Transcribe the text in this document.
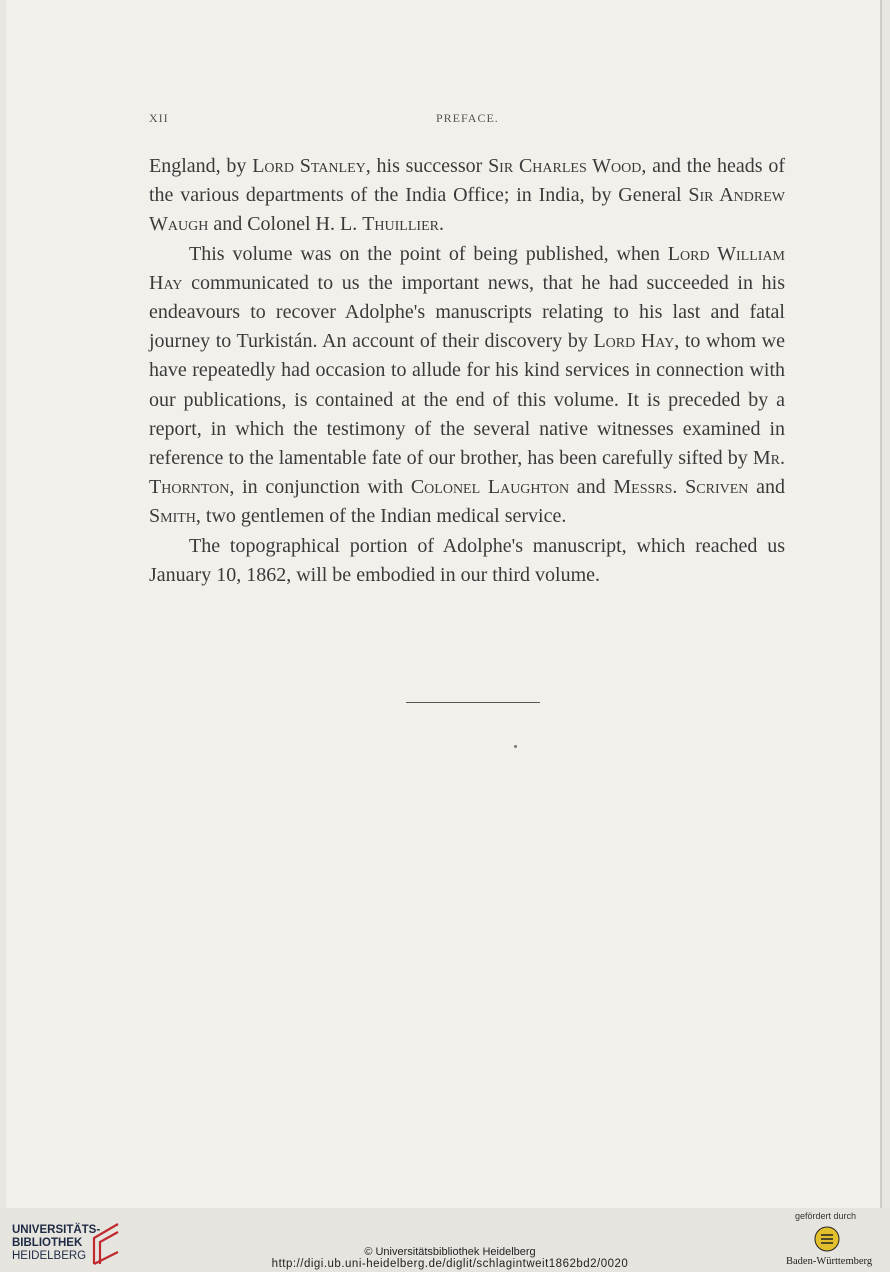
XII	PREFACE.

England, by Lord Stanley, his successor Sir Charles Wood, and the heads of the various departments of the India Office; in India, by General Sir Andrew Waugh and Colonel H. L. Thuillier.

This volume was on the point of being published, when Lord William Hay communicated to us the important news, that he had succeeded in his endeavours to recover Adolphe's manuscripts relating to his last and fatal journey to Turkistán. An account of their discovery by Lord Hay, to whom we have repeatedly had occasion to allude for his kind services in connection with our publications, is contained at the end of this volume. It is preceded by a report, in which the testimony of the several native witnesses examined in reference to the lamentable fate of our brother, has been carefully sifted by Mr. Thornton, in conjunction with Colonel Laughton and Messrs. Scriven and Smith, two gentlemen of the Indian medical service.

The topographical portion of Adolphe's manuscript, which reached us January 10, 1862, will be embodied in our third volume.

UNIVERSITÄTS-
BIBLIOTHEK
HEIDELBERG	© Universitätsbibliothek Heidelberg
http://digi.ub.uni-heidelberg.de/diglit/schlagintweit1862bd2/0020
gefördert durch
Baden-Württemberg
